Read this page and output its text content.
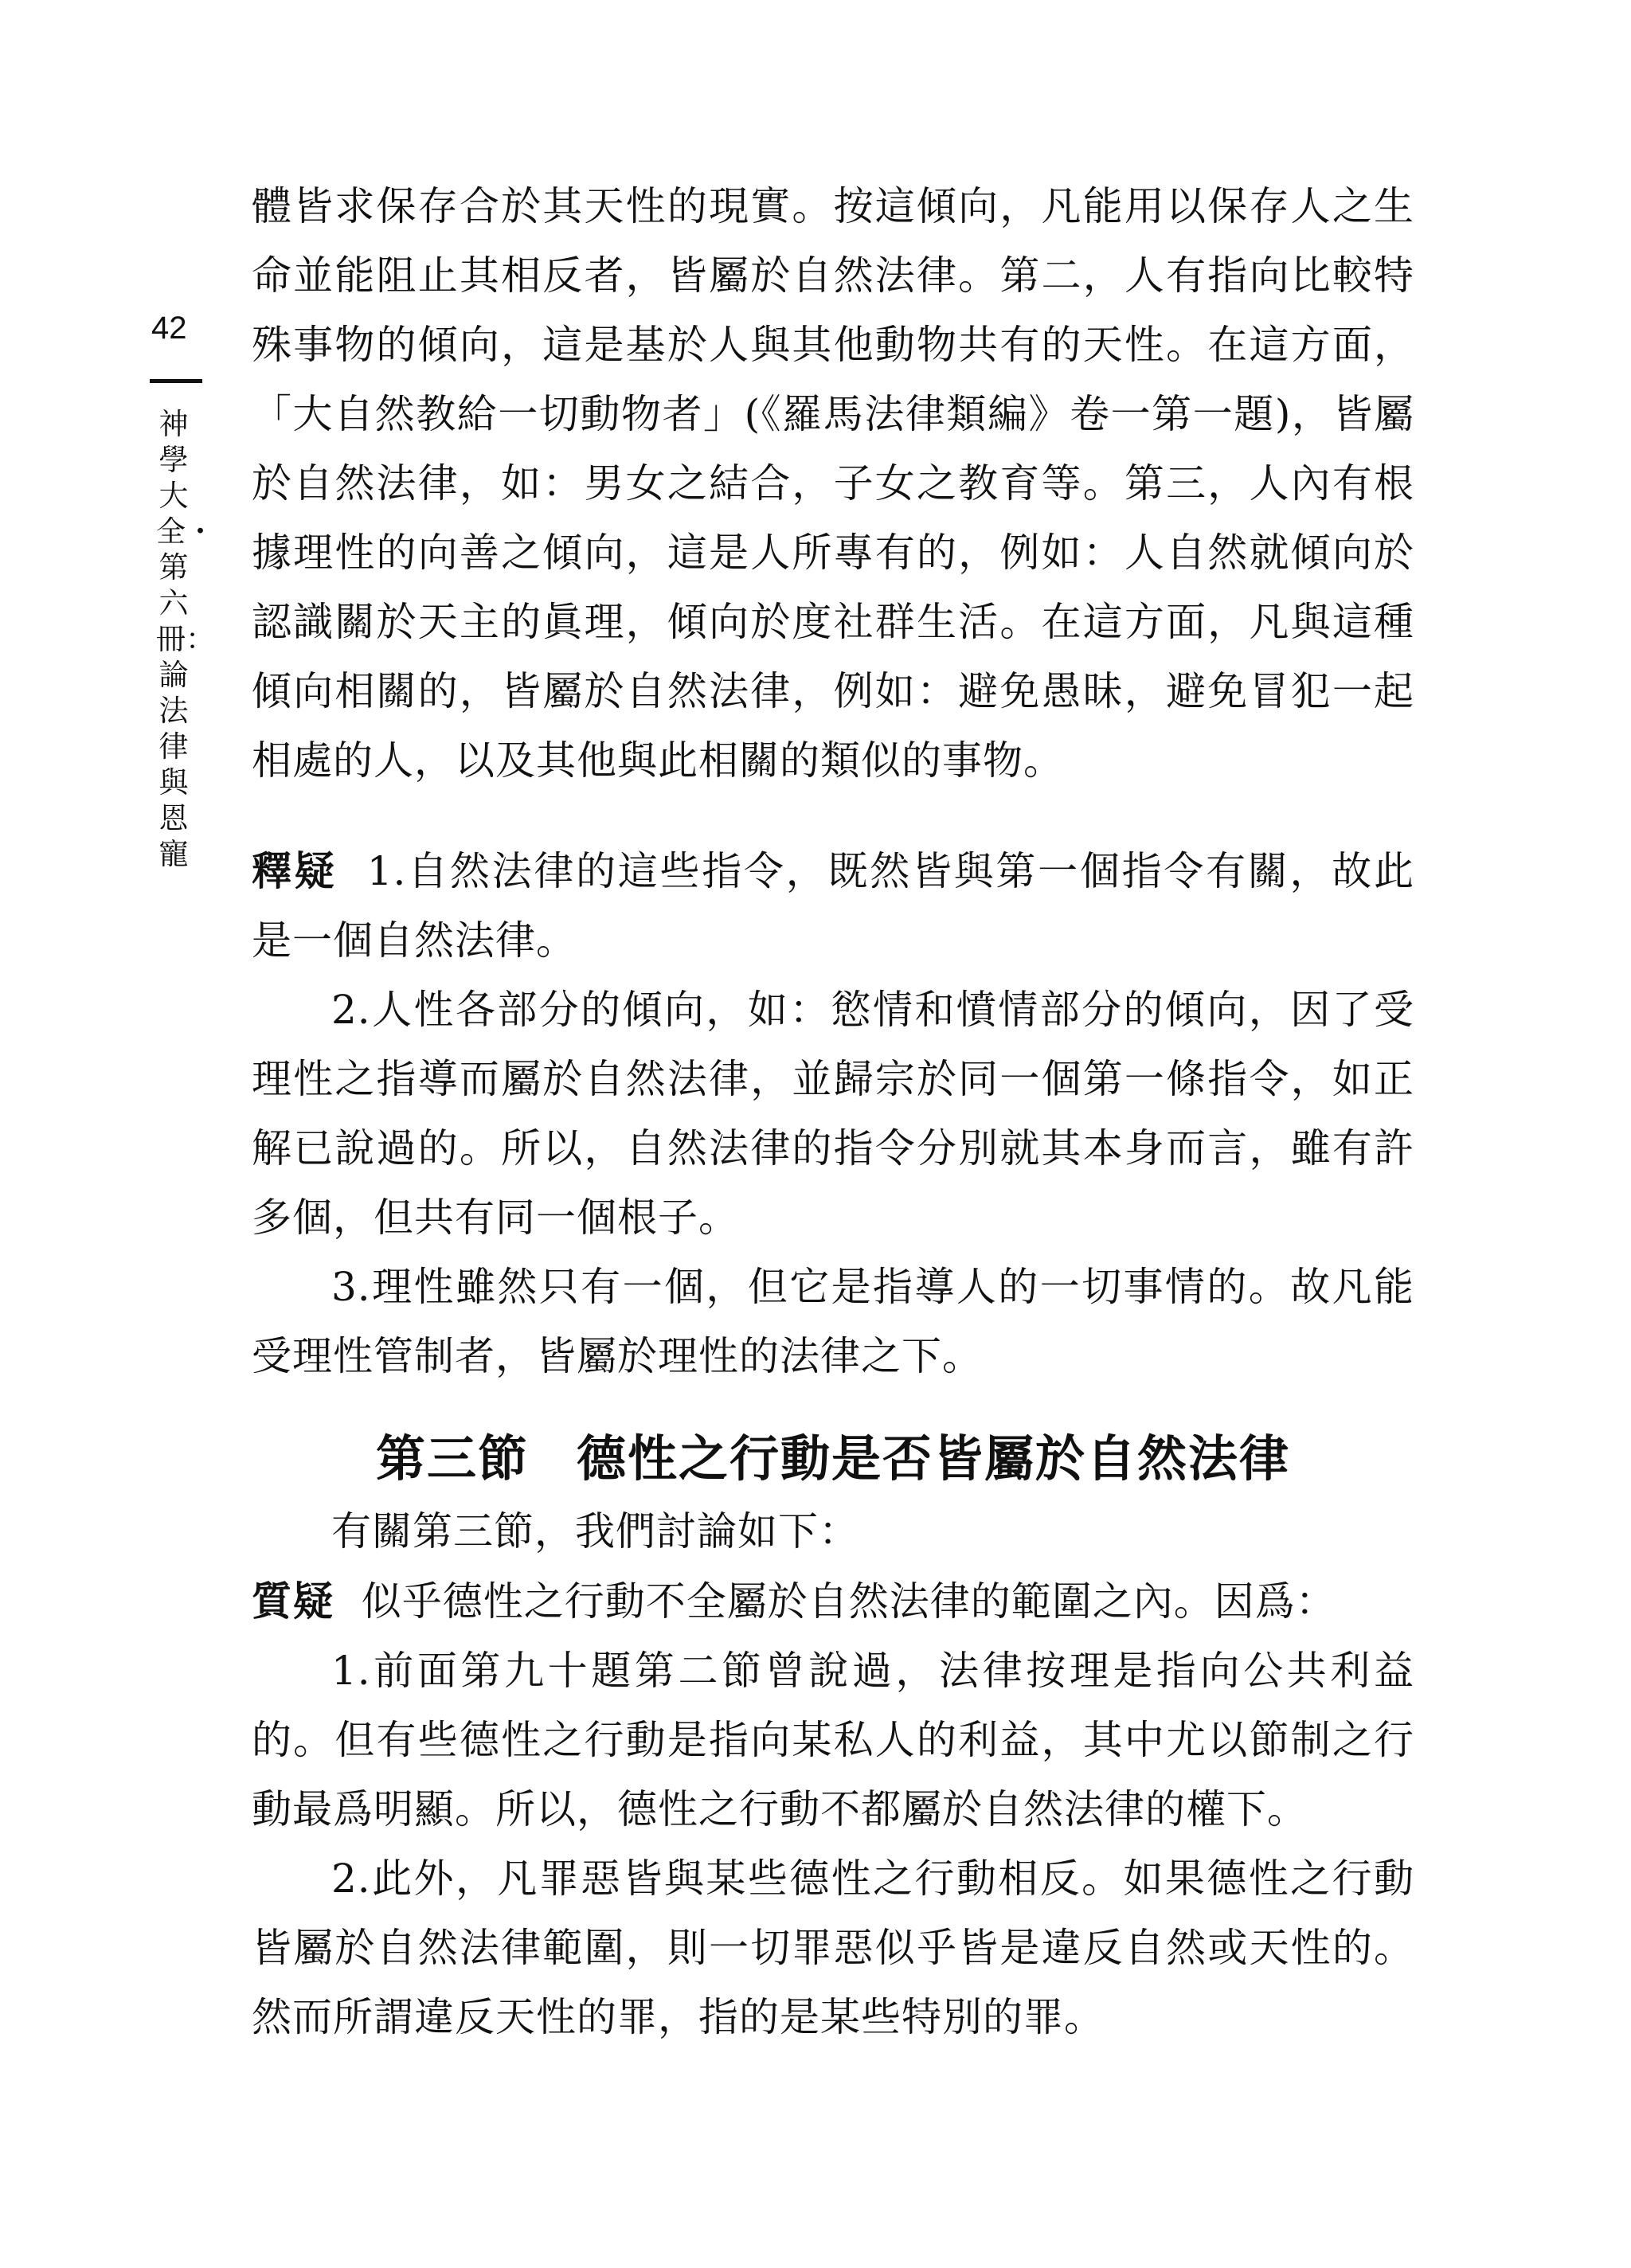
42
神學大全・第六冊：論法律與恩寵

體皆求保存合於其天性的現實。按這傾向，凡能用以保存人之生命並能阻止其相反者，皆屬於自然法律。第二，人有指向比較特殊事物的傾向，這是基於人與其他動物共有的天性。在這方面，「大自然教給一切動物者」(《羅馬法律類編》卷一第一題)，皆屬於自然法律，如：男女之結合，子女之教育等。第三，人內有根據理性的向善之傾向，這是人所專有的，例如：人自然就傾向於認識關於天主的眞理，傾向於度社群生活。在這方面，凡與這種傾向相關的，皆屬於自然法律，例如：避免愚昧，避免冒犯一起相處的人，以及其他與此相關的類似的事物。

釋疑 1.自然法律的這些指令，既然皆與第一個指令有關，故此是一個自然法律。

2.人性各部分的傾向，如：慾情和憤情部分的傾向，因了受理性之指導而屬於自然法律，並歸宗於同一個第一條指令，如正解已說過的。所以，自然法律的指令分別就其本身而言，雖有許多個，但共有同一個根子。

3.理性雖然只有一個，但它是指導人的一切事情的。故凡能受理性管制者，皆屬於理性的法律之下。

第三節 德性之行動是否皆屬於自然法律

有關第三節，我們討論如下：

質疑 似乎德性之行動不全屬於自然法律的範圍之內。因爲：

1.前面第九十題第二節曾說過，法律按理是指向公共利益的。但有些德性之行動是指向某私人的利益，其中尤以節制之行動最爲明顯。所以，德性之行動不都屬於自然法律的權下。

2.此外，凡罪惡皆與某些德性之行動相反。如果德性之行動皆屬於自然法律範圍，則一切罪惡似乎皆是違反自然或天性的。然而所謂違反天性的罪，指的是某些特別的罪。
